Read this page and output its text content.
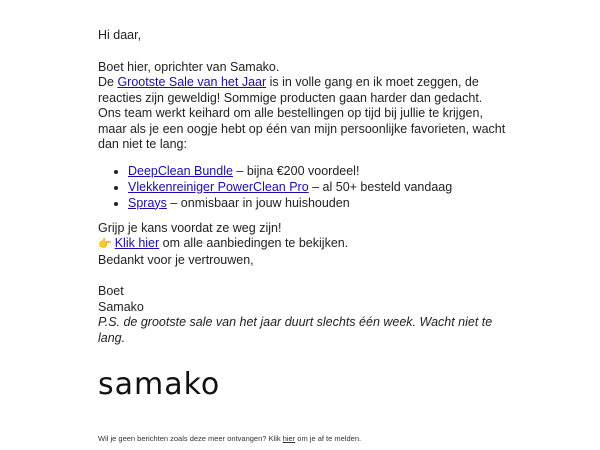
Hi daar,

Boet hier, oprichter van Samako.

De Grootste Sale van het Jaar is in volle gang en ik moet zeggen, de reacties zijn geweldig! Sommige producten gaan harder dan gedacht.

Ons team werkt keihard om alle bestellingen op tijd bij jullie te krijgen, maar als je een oogje hebt op één van mijn persoonlijke favorieten, wacht dan niet te lang:

• DeepClean Bundle – bijna €200 voordeel!
• Vlekkenreiniger PowerClean Pro – al 50+ besteld vandaag
• Sprays – onmisbaar in jouw huishouden

Grijp je kans voordat ze weg zijn!

👉 Klik hier om alle aanbiedingen te bekijken.

Bedankt voor je vertrouwen,

Boet

Samako

P.S. de grootste sale van het jaar duurt slechts één week. Wacht niet te lang.

samako
Wil je geen berichten zoals deze meer ontvangen? Klik hier om je af te melden.
